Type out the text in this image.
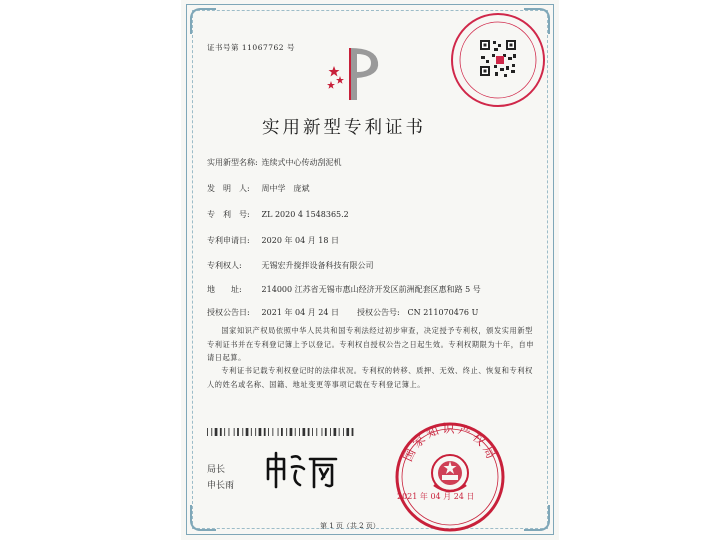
证书号第 11067762 号
实用新型专利证书
实用新型名称: 连续式中心传动刮泥机
发　明　人: 周中学　庞斌
专　利　号: ZL 2020 4 1548365.2
专利申请日: 2020 年 04 月 18 日
专利权人: 无锡宏升搅拌设备科技有限公司
地　　址: 214000 江苏省无锡市惠山经济开发区前洲配套区惠和路 5 号
授权公告日: 2021 年 04 月 24 日 授权公告号: CN 211070476 U
国家知识产权局依照中华人民共和国专利法经过初步审查，决定授予专利权，颁发实用新型专利证书并在专利登记簿上予以登记。专利权自授权公告之日起生效。专利权期限为十年，自申请日起算。
专利证书记载专利权登记时的法律状况。专利权的转移、质押、无效、终止、恢复和专利权人的姓名或名称、国籍、地址变更等事项记载在专利登记簿上。
局长
申长雨
国家知识产权局
2021 年 04 月 24 日
第 1 页（共 2 页）
